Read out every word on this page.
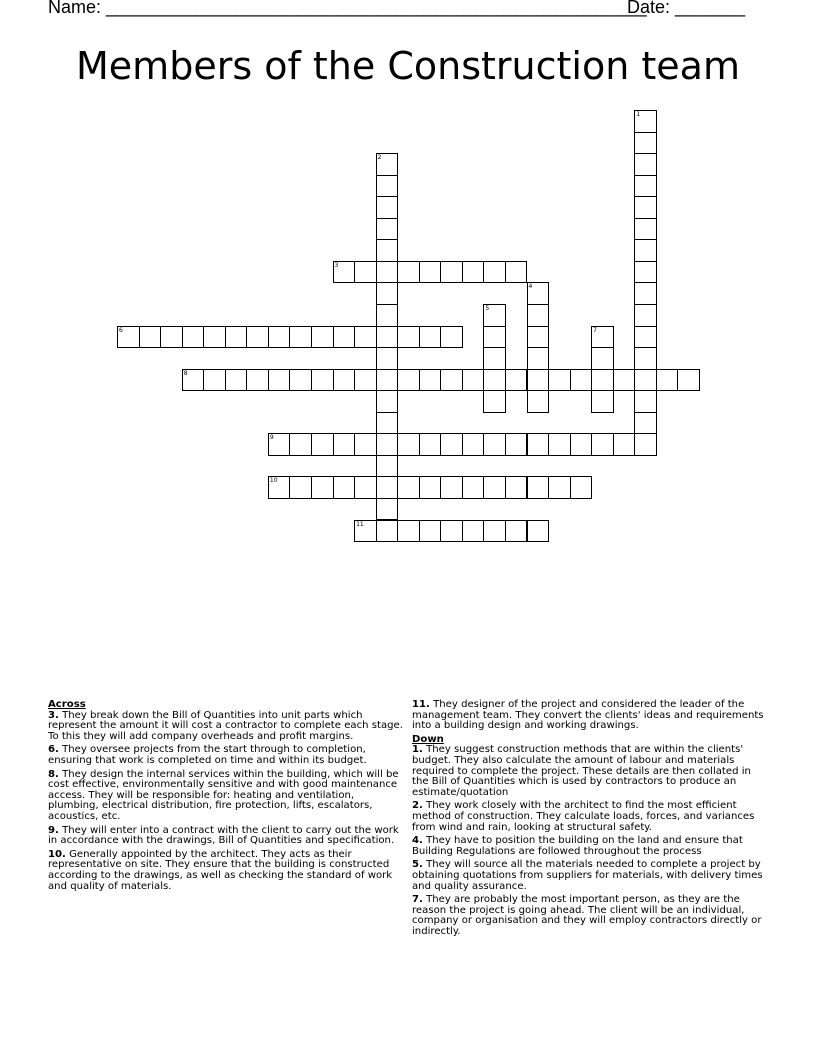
Name: ______________________________________________________
Date: _______
Members of the Construction team
1
2
3
4
5
6	7
8
9
10
11
Across
3. They break down the Bill of Quantities into unit parts which represent the amount it will cost a contractor to complete each stage. To this they will add company overheads and profit margins.
6. They oversee projects from the start through to completion, ensuring that work is completed on time and within its budget.
8. They design the internal services within the building, which will be cost effective, environmentally sensitive and with good maintenance access. They will be responsible for: heating and ventilation, plumbing, electrical distribution, fire protection, lifts, escalators, acoustics, etc.
9. They will enter into a contract with the client to carry out the work in accordance with the drawings, Bill of Quantities and specification.
10. Generally appointed by the architect. They acts as their representative on site. They ensure that the building is constructed according to the drawings, as well as checking the standard of work and quality of materials.
11. They designer of the project and considered the leader of the management team. They convert the clients' ideas and requirements into a building design and working drawings.
Down
1. They suggest construction methods that are within the clients' budget. They also calculate the amount of labour and materials required to complete the project. These details are then collated in the Bill of Quantities which is used by contractors to produce an estimate/quotation
2. They work closely with the architect to find the most efficient method of construction. They calculate loads, forces, and variances from wind and rain, looking at structural safety.
4. They have to position the building on the land and ensure that Building Regulations are followed throughout the process
5. They will source all the materials needed to complete a project by obtaining quotations from suppliers for materials, with delivery times and quality assurance.
7. They are probably the most important person, as they are the reason the project is going ahead. The client will be an individual, company or organisation and they will employ contractors directly or indirectly.
